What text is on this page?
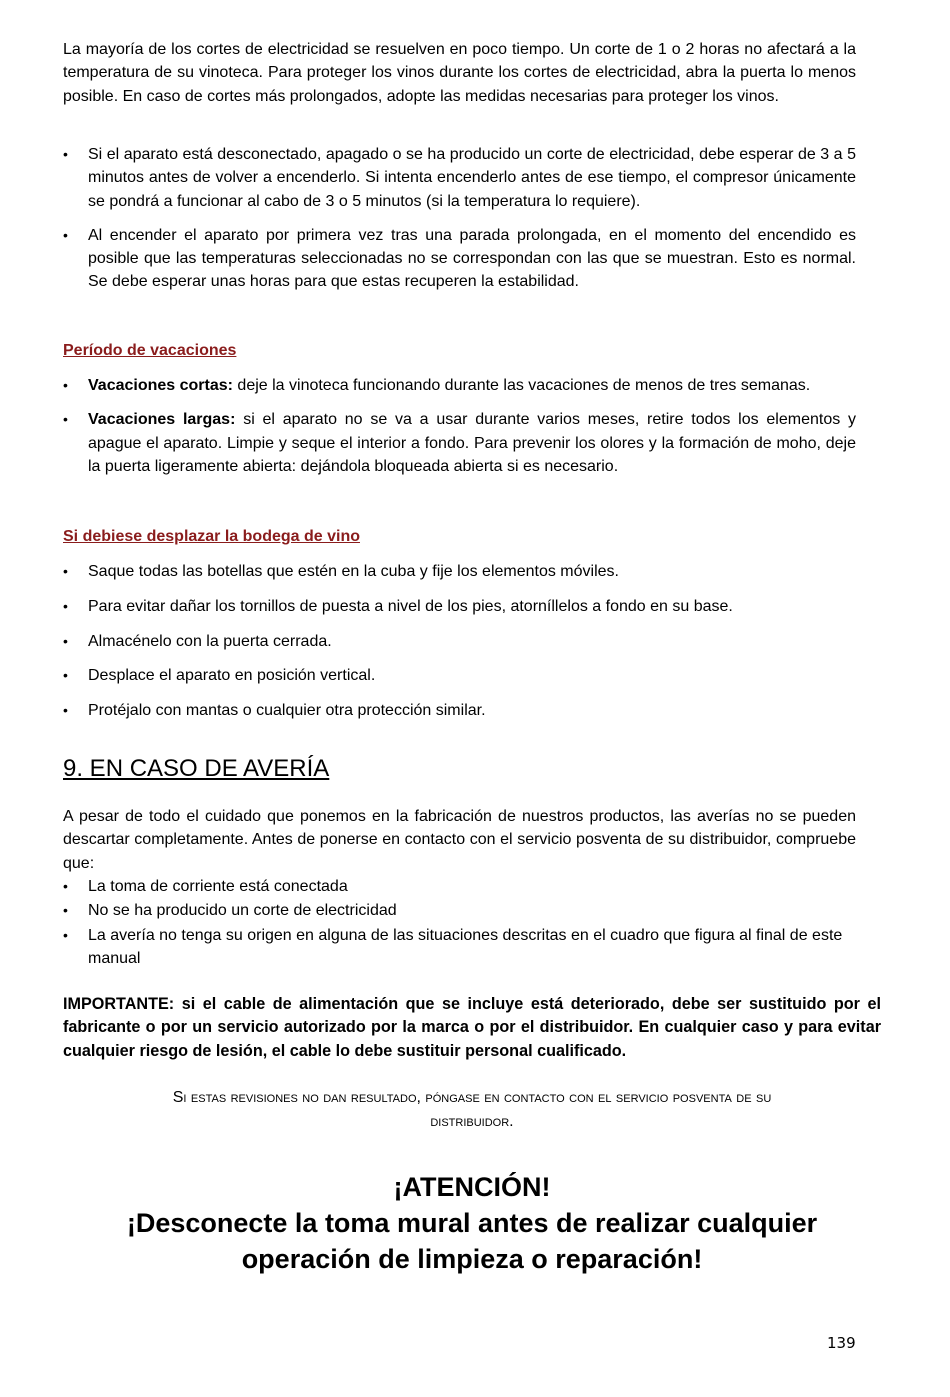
La mayoría de los cortes de electricidad se resuelven en poco tiempo. Un corte de 1 o 2 horas no afectará a la temperatura de su vinoteca. Para proteger los vinos durante los cortes de electricidad, abra la puerta lo menos posible. En caso de cortes más prolongados, adopte las medidas necesarias para proteger los vinos.

• Si el aparato está desconectado, apagado o se ha producido un corte de electricidad, debe esperar de 3 a 5 minutos antes de volver a encenderlo. Si intenta encenderlo antes de ese tiempo, el compresor únicamente se pondrá a funcionar al cabo de 3 o 5 minutos (si la temperatura lo requiere).
• Al encender el aparato por primera vez tras una parada prolongada, en el momento del encendido es posible que las temperaturas seleccionadas no se correspondan con las que se muestran. Esto es normal. Se debe esperar unas horas para que estas recuperen la estabilidad.
Período de vacaciones
• Vacaciones cortas: deje la vinoteca funcionando durante las vacaciones de menos de tres semanas.
• Vacaciones largas: si el aparato no se va a usar durante varios meses, retire todos los elementos y apague el aparato. Limpie y seque el interior a fondo. Para prevenir los olores y la formación de moho, deje la puerta ligeramente abierta: dejándola bloqueada abierta si es necesario.
Si debiese desplazar la bodega de vino
• Saque todas las botellas que estén en la cuba y fije los elementos móviles.
• Para evitar dañar los tornillos de puesta a nivel de los pies, atorníllelos a fondo en su base.
• Almacénelo con la puerta cerrada.
• Desplace el aparato en posición vertical.
• Protéjalo con mantas o cualquier otra protección similar.
9. EN CASO DE AVERÍA

A pesar de todo el cuidado que ponemos en la fabricación de nuestros productos, las averías no se pueden descartar completamente. Antes de ponerse en contacto con el servicio posventa de su distribuidor, compruebe que:

• La toma de corriente está conectada
• No se ha producido un corte de electricidad
• La avería no tenga su origen en alguna de las situaciones descritas en el cuadro que figura al final de este manual

IMPORTANTE: si el cable de alimentación que se incluye está deteriorado, debe ser sustituido por el fabricante o por un servicio autorizado por la marca o por el distribuidor. En cualquier caso y para evitar cualquier riesgo de lesión, el cable lo debe sustituir personal cualificado.

Si estas revisiones no dan resultado, póngase en contacto con el servicio posventa de su
distribuidor.
¡ATENCIÓN!
¡Desconecte la toma mural antes de realizar cualquier
operación de limpieza o reparación!
139
